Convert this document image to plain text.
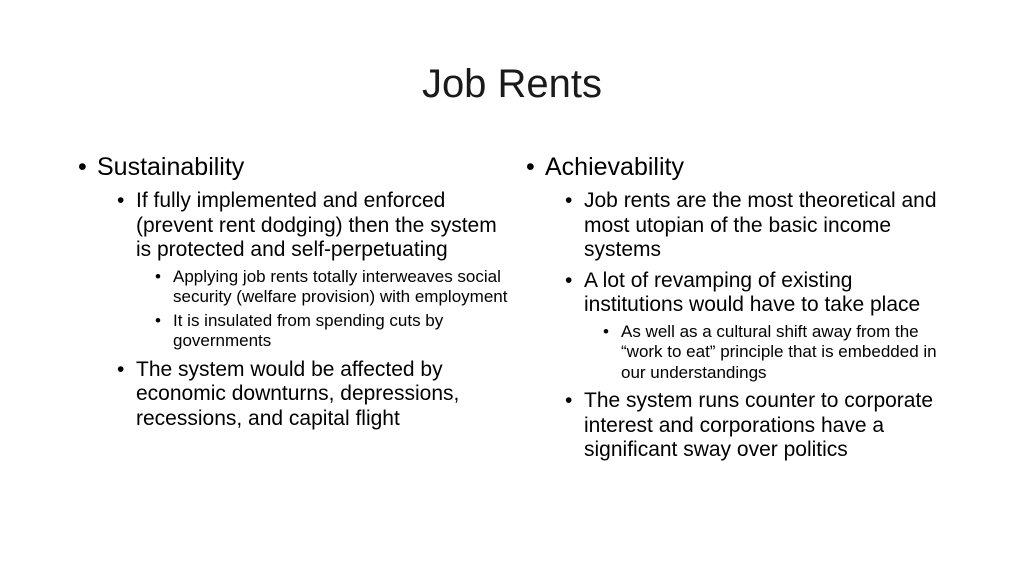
Job Rents
• Sustainability
• If fully implemented and enforced (prevent rent dodging) then the system is protected and self-perpetuating
• Applying job rents totally interweaves social security (welfare provision) with employment
• It is insulated from spending cuts by governments
• The system would be affected by economic downturns, depressions, recessions, and capital flight
• Achievability
• Job rents are the most theoretical and most utopian of the basic income systems
• A lot of revamping of existing institutions would have to take place
• As well as a cultural shift away from the “work to eat” principle that is embedded in our understandings
• The system runs counter to corporate interest and corporations have a significant sway over politics
